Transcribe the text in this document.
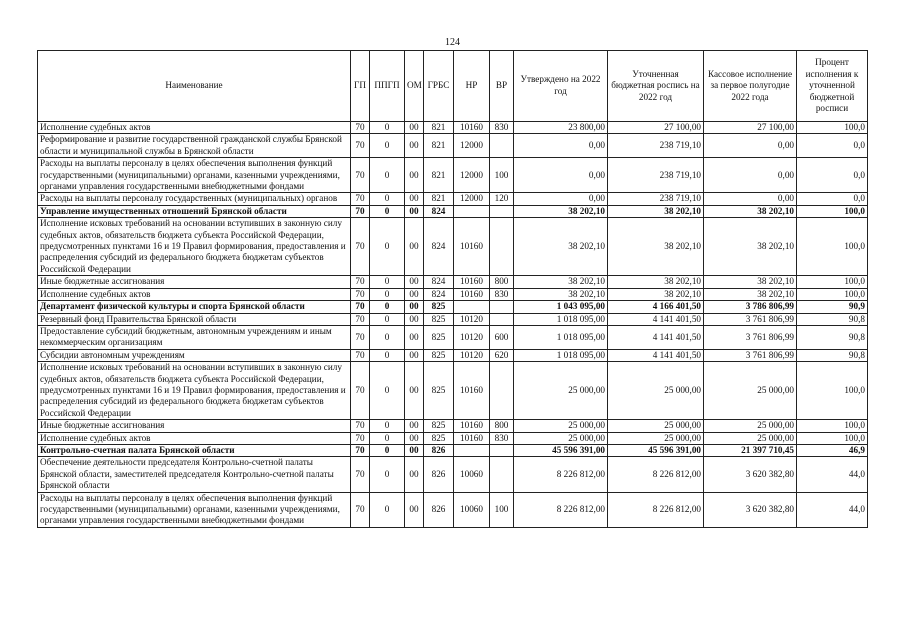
124
Наименование	ГП	ППГП	ОМ	ГРБС	НР	ВР	Утверждено на 2022 год	Уточненная бюджетная роспись на 2022 год	Кассовое исполнение за первое полугодие 2022 года	Процент исполнения к уточненной бюджетной росписи
Исполнение судебных актов	70	0	00	821	10160	830	23 800,00	27 100,00	27 100,00	100,0
Реформирование и развитие государственной гражданской службы Брянской области и муниципальной службы в Брянской области	70	0	00	821	12000		0,00	238 719,10	0,00	0,0
Расходы на выплаты персоналу в целях обеспечения выполнения функций государственными (муниципальными) органами, казенными учреждениями, органами управления государственными внебюджетными фондами	70	0	00	821	12000	100	0,00	238 719,10	0,00	0,0
Расходы на выплаты персоналу государственных (муниципальных) органов	70	0	00	821	12000	120	0,00	238 719,10	0,00	0,0
Управление имущественных отношений Брянской области	70	0	00	824			38 202,10	38 202,10	38 202,10	100,0
Исполнение исковых требований на основании вступивших в законную силу судебных актов, обязательств бюджета субъекта Российской Федерации, предусмотренных пунктами 16 и 19 Правил формирования, предоставления и распределения субсидий из федерального бюджета бюджетам субъектов Российской Федерации	70	0	00	824	10160		38 202,10	38 202,10	38 202,10	100,0
Иные бюджетные ассигнования	70	0	00	824	10160	800	38 202,10	38 202,10	38 202,10	100,0
Исполнение судебных актов	70	0	00	824	10160	830	38 202,10	38 202,10	38 202,10	100,0
Департамент физической культуры и спорта Брянской области	70	0	00	825			1 043 095,00	4 166 401,50	3 786 806,99	90,9
Резервный фонд Правительства Брянской области	70	0	00	825	10120		1 018 095,00	4 141 401,50	3 761 806,99	90,8
Предоставление субсидий бюджетным, автономным учреждениям и иным некоммерческим организациям	70	0	00	825	10120	600	1 018 095,00	4 141 401,50	3 761 806,99	90,8
Субсидии автономным учреждениям	70	0	00	825	10120	620	1 018 095,00	4 141 401,50	3 761 806,99	90,8
Исполнение исковых требований на основании вступивших в законную силу судебных актов, обязательств бюджета субъекта Российской Федерации, предусмотренных пунктами 16 и 19 Правил формирования, предоставления и распределения субсидий из федерального бюджета бюджетам субъектов Российской Федерации	70	0	00	825	10160		25 000,00	25 000,00	25 000,00	100,0
Иные бюджетные ассигнования	70	0	00	825	10160	800	25 000,00	25 000,00	25 000,00	100,0
Исполнение судебных актов	70	0	00	825	10160	830	25 000,00	25 000,00	25 000,00	100,0
Контрольно-счетная палата Брянской области	70	0	00	826			45 596 391,00	45 596 391,00	21 397 710,45	46,9
Обеспечение деятельности председателя Контрольно-счетной палаты Брянской области, заместителей председателя Контрольно-счетной палаты Брянской области	70	0	00	826	10060		8 226 812,00	8 226 812,00	3 620 382,80	44,0
Расходы на выплаты персоналу в целях обеспечения выполнения функций государственными (муниципальными) органами, казенными учреждениями, органами управления государственными внебюджетными фондами	70	0	00	826	10060	100	8 226 812,00	8 226 812,00	3 620 382,80	44,0
